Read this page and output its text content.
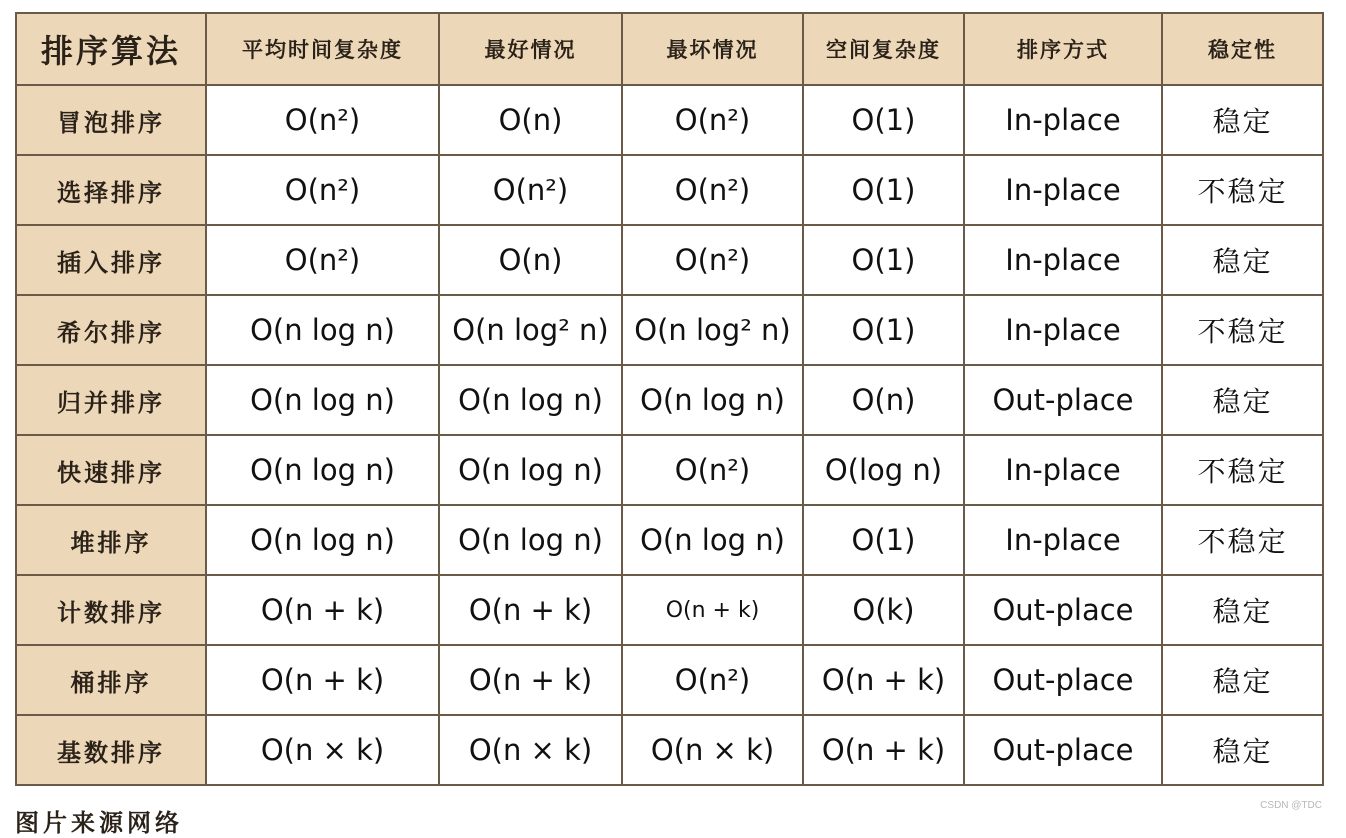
排序算法	平均时间复杂度	最好情况	最坏情况	空间复杂度	排序方式	稳定性
冒泡排序	O(n²)	O(n)	O(n²)	O(1)	In-place	稳定
选择排序	O(n²)	O(n²)	O(n²)	O(1)	In-place	不稳定
插入排序	O(n²)	O(n)	O(n²)	O(1)	In-place	稳定
希尔排序	O(n log n)	O(n log² n)	O(n log² n)	O(1)	In-place	不稳定
归并排序	O(n log n)	O(n log n)	O(n log n)	O(n)	Out-place	稳定
快速排序	O(n log n)	O(n log n)	O(n²)	O(log n)	In-place	不稳定
堆排序	O(n log n)	O(n log n)	O(n log n)	O(1)	In-place	不稳定
计数排序	O(n + k)	O(n + k)	O(n + k)	O(k)	Out-place	稳定
桶排序	O(n + k)	O(n + k)	O(n²)	O(n + k)	Out-place	稳定
基数排序	O(n × k)	O(n × k)	O(n × k)	O(n + k)	Out-place	稳定
图片来源网络
CSDN @TDC
